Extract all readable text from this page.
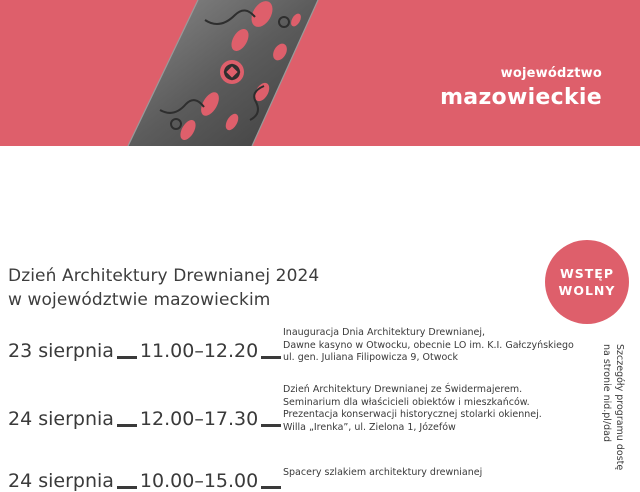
województwo
mazowieckie
Dzień Architektury Drewnianej 2024
w województwie mazowieckim
WSTĘP
WOLNY
23 sierpnia 11.00–12.20
Inauguracja Dnia Architektury Drewnianej,
Dawne kasyno w Otwocku, obecnie LO im. K.I. Gałczyńskiego
ul. gen. Juliana Filipowicza 9, Otwock
24 sierpnia 12.00–17.30
Dzień Architektury Drewnianej ze Świdermajerem.
Seminarium dla właścicieli obiektów i mieszkańców.
Prezentacja konserwacji historycznej stolarki okiennej.
Willa „Irenka”, ul. Zielona 1, Józefów
24 sierpnia 10.00–15.00	Spacery szlakiem architektury drewnianej
Szczegóły programu dostę
na stronie nid.pl/dad
